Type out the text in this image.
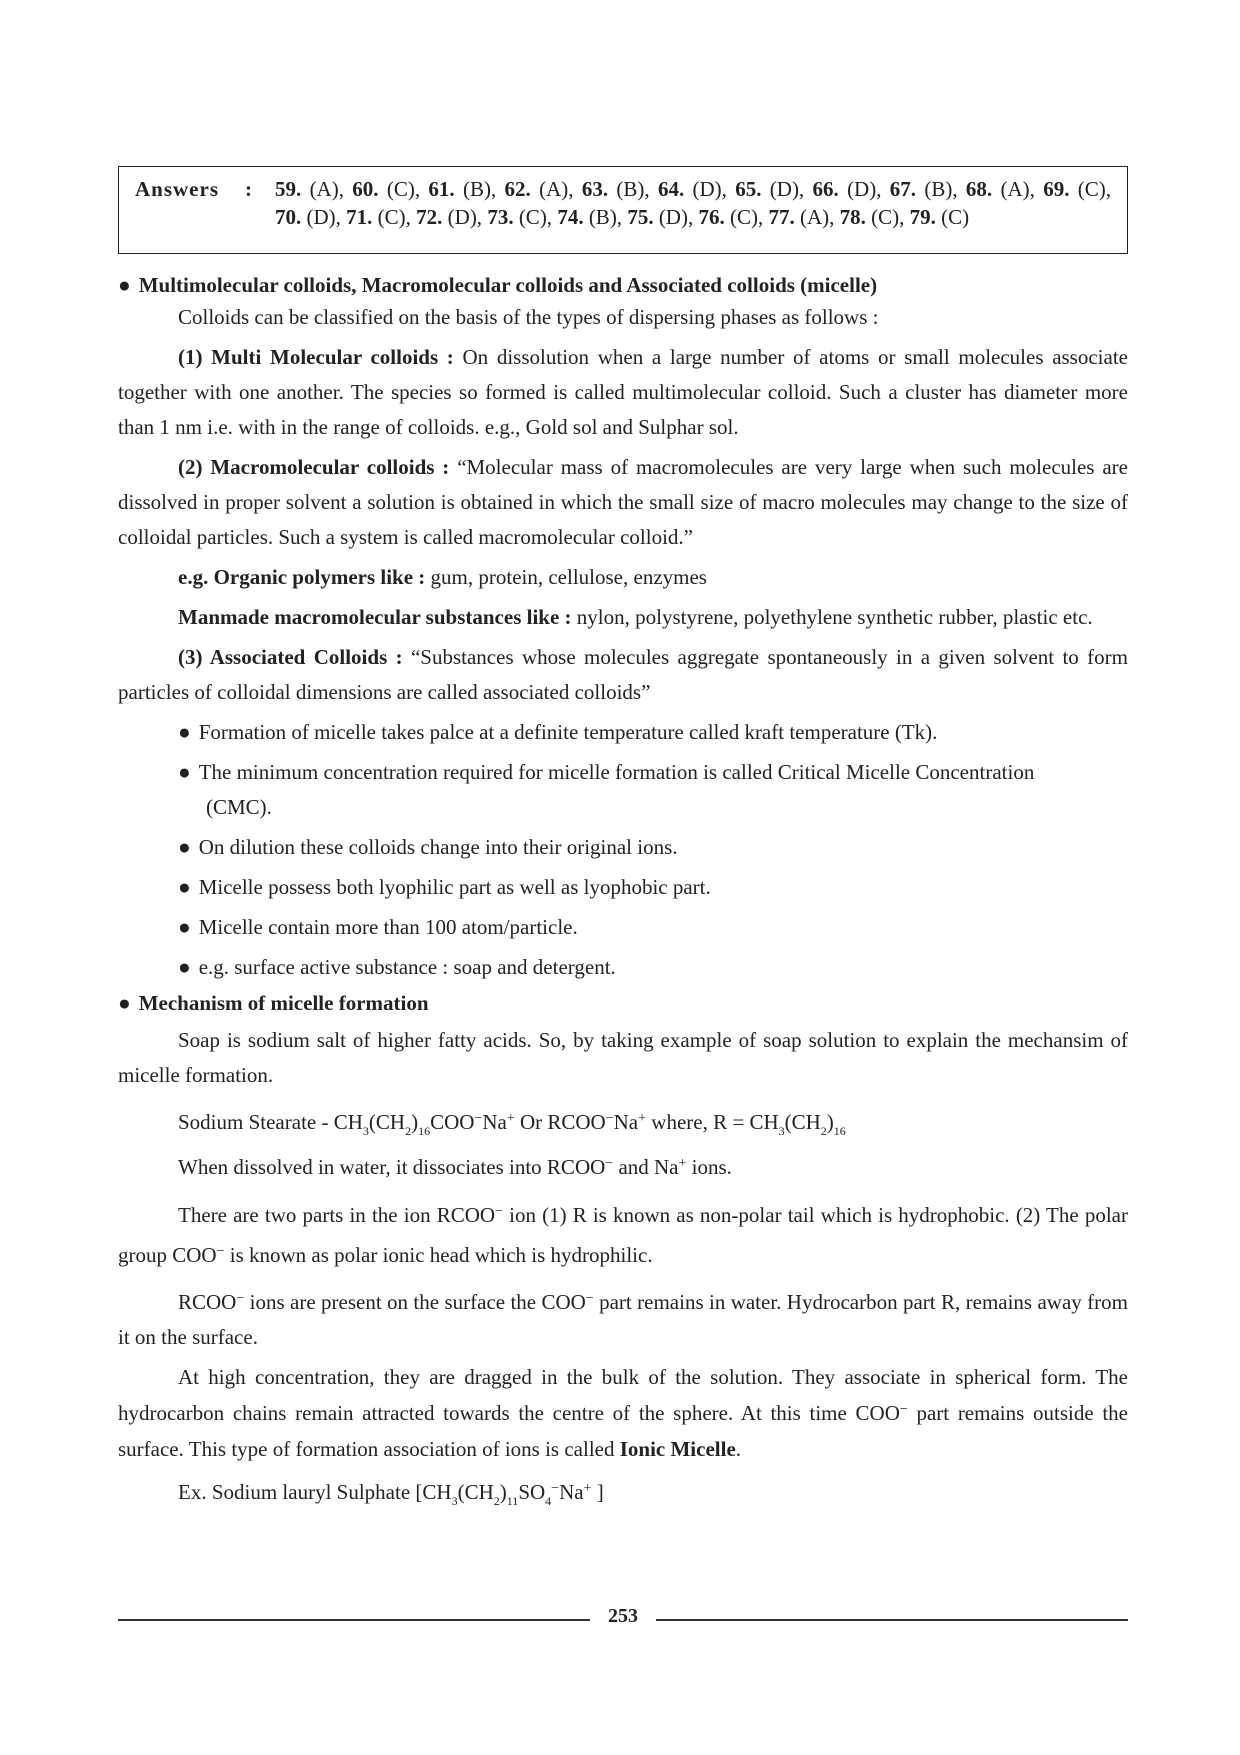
Answers	:	59. (A), 60. (C), 61. (B), 62. (A), 63. (B), 64. (D), 65. (D), 66. (D), 67. (B), 68. (A), 69. (C), 70. (D), 71. (C), 72. (D), 73. (C), 74. (B), 75. (D), 76. (C), 77. (A), 78. (C), 79. (C)
● Multimolecular colloids, Macromolecular colloids and Associated colloids (micelle)

Colloids can be classified on the basis of the types of dispersing phases as follows :

(1) Multi Molecular colloids : On dissolution when a large number of atoms or small molecules associate together with one another. The species so formed is called multimolecular colloid. Such a cluster has diameter more than 1 nm i.e. with in the range of colloids. e.g., Gold sol and Sulphar sol.

(2) Macromolecular colloids : “Molecular mass of macromolecules are very large when such molecules are dissolved in proper solvent a solution is obtained in which the small size of macro molecules may change to the size of colloidal particles. Such a system is called macromolecular colloid.”

e.g. Organic polymers like : gum, protein, cellulose, enzymes

Manmade macromolecular substances like : nylon, polystyrene, polyethylene synthetic rubber, plastic etc.

(3) Associated Colloids : “Substances whose molecules aggregate spontaneously in a given solvent to form particles of colloidal dimensions are called associated colloids”

● Formation of micelle takes palce at a definite temperature called kraft temperature (Tk).
● The minimum concentration required for micelle formation is called Critical Micelle Concentration
(CMC).
● On dilution these colloids change into their original ions.
● Micelle possess both lyophilic part as well as lyophobic part.
● Micelle contain more than 100 atom/particle.
● e.g. surface active substance : soap and detergent.
● Mechanism of micelle formation

Soap is sodium salt of higher fatty acids. So, by taking example of soap solution to explain the mechansim of micelle formation.

Sodium Stearate - $CH_3(CH_2)_{16}COO^-Na^+$ Or RCOO−Na+ where, $R = CH_3(CH_2)_{16}$

When dissolved in water, it dissociates into RCOO− and Na+ ions.

There are two parts in the ion RCOO− ion (1) R is known as non-polar tail which is hydrophobic. (2) The polar group COO− is known as polar ionic head which is hydrophilic.

RCOO− ions are present on the surface the COO− part remains in water. Hydrocarbon part R, remains away from it on the surface.

At high concentration, they are dragged in the bulk of the solution. They associate in spherical form. The hydrocarbon chains remain attracted towards the centre of the sphere. At this time COO− part remains outside the surface. This type of formation association of ions is called Ionic Micelle.

Ex. Sodium lauryl Sulphate [$CH_3(CH_2)_{11}SO_4^-Na^+$ ]

253
